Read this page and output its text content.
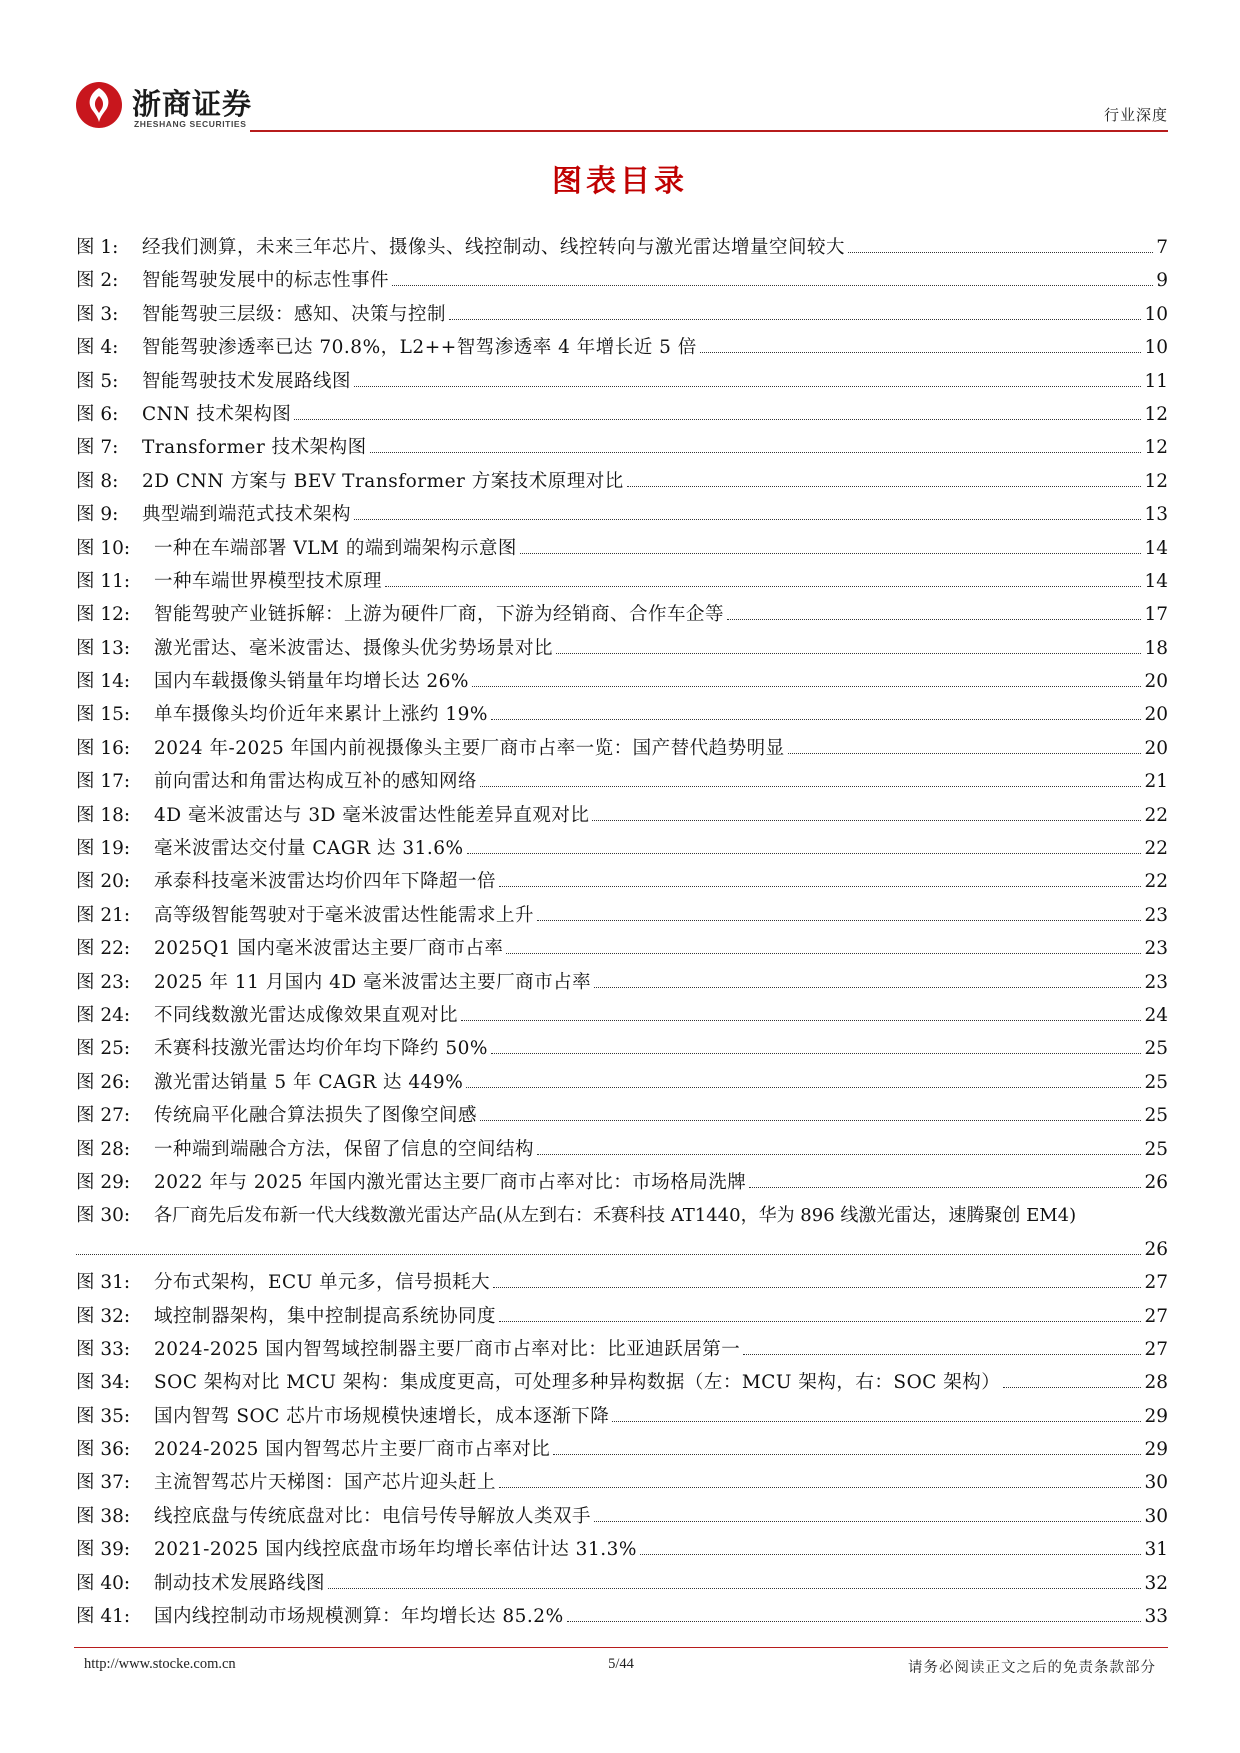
浙商证券
ZHESHANG SECURITIES	行业深度
图表目录
图 1:	经我们测算，未来三年芯片、摄像头、线控制动、线控转向与激光雷达增量空间较大	7
图 2:	智能驾驶发展中的标志性事件	9
图 3:	智能驾驶三层级：感知、决策与控制	10
图 4:	智能驾驶渗透率已达 70.8%，L2++智驾渗透率 4 年增长近 5 倍	10
图 5:	智能驾驶技术发展路线图	11
图 6:	CNN 技术架构图	12
图 7:	Transformer 技术架构图	12
图 8:	2D CNN 方案与 BEV Transformer 方案技术原理对比	12
图 9:	典型端到端范式技术架构	13
图 10:	一种在车端部署 VLM 的端到端架构示意图	14
图 11:	一种车端世界模型技术原理	14
图 12:	智能驾驶产业链拆解：上游为硬件厂商，下游为经销商、合作车企等	17
图 13:	激光雷达、毫米波雷达、摄像头优劣势场景对比	18
图 14:	国内车载摄像头销量年均增长达 26%	20
图 15:	单车摄像头均价近年来累计上涨约 19%	20
图 16:	2024 年-2025 年国内前视摄像头主要厂商市占率一览：国产替代趋势明显	20
图 17:	前向雷达和角雷达构成互补的感知网络	21
图 18:	4D 毫米波雷达与 3D 毫米波雷达性能差异直观对比	22
图 19:	毫米波雷达交付量 CAGR 达 31.6%	22
图 20:	承泰科技毫米波雷达均价四年下降超一倍	22
图 21:	高等级智能驾驶对于毫米波雷达性能需求上升	23
图 22:	2025Q1 国内毫米波雷达主要厂商市占率	23
图 23:	2025 年 11 月国内 4D 毫米波雷达主要厂商市占率	23
图 24:	不同线数激光雷达成像效果直观对比	24
图 25:	禾赛科技激光雷达均价年均下降约 50%	25
图 26:	激光雷达销量 5 年 CAGR 达 449%	25
图 27:	传统扁平化融合算法损失了图像空间感	25
图 28:	一种端到端融合方法，保留了信息的空间结构	25
图 29:	2022 年与 2025 年国内激光雷达主要厂商市占率对比：市场格局洗牌	26
图 30:	各厂商先后发布新一代大线数激光雷达产品(从左到右：禾赛科技 AT1440，华为 896 线激光雷达，速腾聚创 EM4)
26
图 31:	分布式架构，ECU 单元多，信号损耗大	27
图 32:	域控制器架构，集中控制提高系统协同度	27
图 33:	2024-2025 国内智驾域控制器主要厂商市占率对比：比亚迪跃居第一	27
图 34:	SOC 架构对比 MCU 架构：集成度更高，可处理多种异构数据（左：MCU 架构，右：SOC 架构）	28
图 35:	国内智驾 SOC 芯片市场规模快速增长，成本逐渐下降	29
图 36:	2024-2025 国内智驾芯片主要厂商市占率对比	29
图 37:	主流智驾芯片天梯图：国产芯片迎头赶上	30
图 38:	线控底盘与传统底盘对比：电信号传导解放人类双手	30
图 39:	2021-2025 国内线控底盘市场年均增长率估计达 31.3%	31
图 40:	制动技术发展路线图	32
图 41:	国内线控制动市场规模测算：年均增长达 85.2%	33
http://www.stocke.com.cn	5/44	请务必阅读正文之后的免责条款部分
